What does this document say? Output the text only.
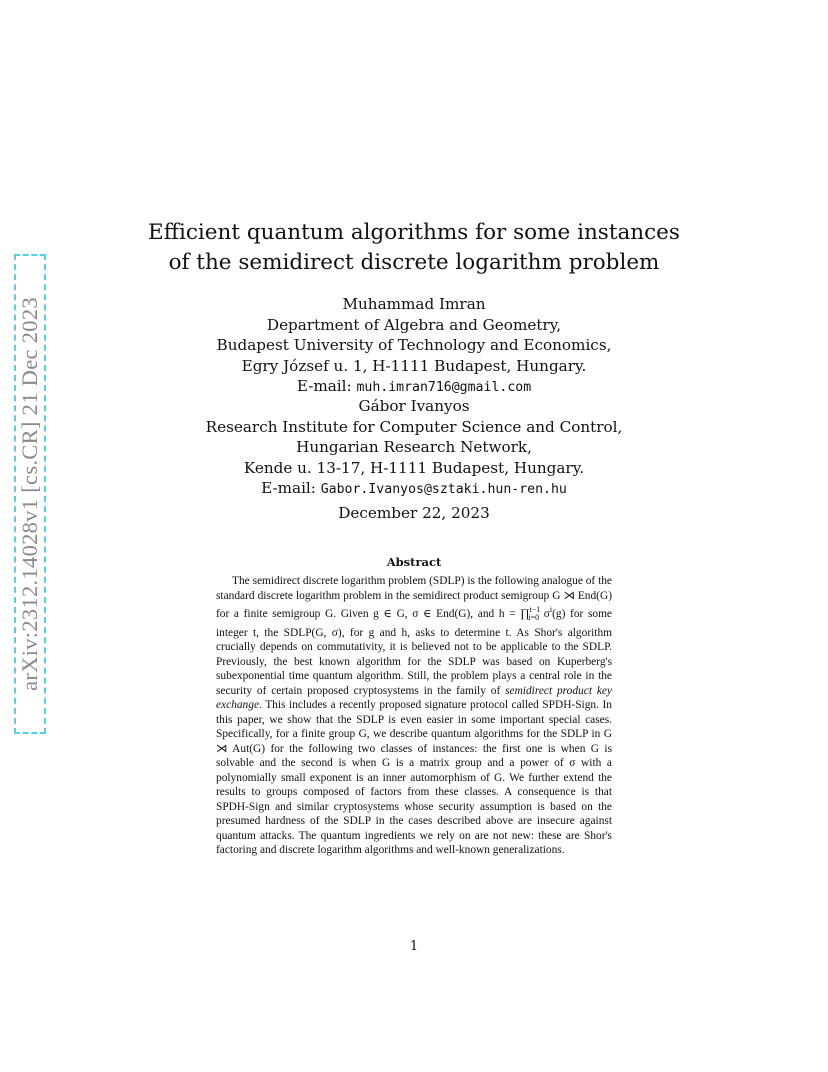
arXiv:2312.14028v1 [cs.CR] 21 Dec 2023
Efficient quantum algorithms for some instances
of the semidirect discrete logarithm problem
Muhammad Imran
Department of Algebra and Geometry,
Budapest University of Technology and Economics,
Egry József u. 1, H-1111 Budapest, Hungary.
E-mail: muh.imran716@gmail.com
Gábor Ivanyos
Research Institute for Computer Science and Control,
Hungarian Research Network,
Kende u. 13-17, H-1111 Budapest, Hungary.
E-mail: Gabor.Ivanyos@sztaki.hun-ren.hu
December 22, 2023
Abstract

The semidirect discrete logarithm problem (SDLP) is the following analogue of the standard discrete logarithm problem in the semidirect product semigroup G ⋊ End(G) for a finite semigroup G. Given g ∈ G, σ ∈ End(G), and h = ∏$^{t-1}_{i=0}$ $\sigma^i(g)$ for some integer t, the SDLP(G, σ), for g and h, asks to determine t. As Shor's algorithm crucially depends on commutativity, it is believed not to be applicable to the SDLP. Previously, the best known algorithm for the SDLP was based on Kuperberg's subexponential time quantum algorithm. Still, the problem plays a central role in the security of certain proposed cryptosystems in the family of semidirect product key exchange. This includes a recently proposed signature protocol called SPDH-Sign. In this paper, we show that the SDLP is even easier in some important special cases. Specifically, for a finite group G, we describe quantum algorithms for the SDLP in G ⋊ Aut(G) for the following two classes of instances: the first one is when G is solvable and the second is when G is a matrix group and a power of σ with a polynomially small exponent is an inner automorphism of G. We further extend the results to groups composed of factors from these classes. A consequence is that SPDH-Sign and similar cryptosystems whose security assumption is based on the presumed hardness of the SDLP in the cases described above are insecure against quantum attacks. The quantum ingredients we rely on are not new: these are Shor's factoring and discrete logarithm algorithms and well-known generalizations.

1
